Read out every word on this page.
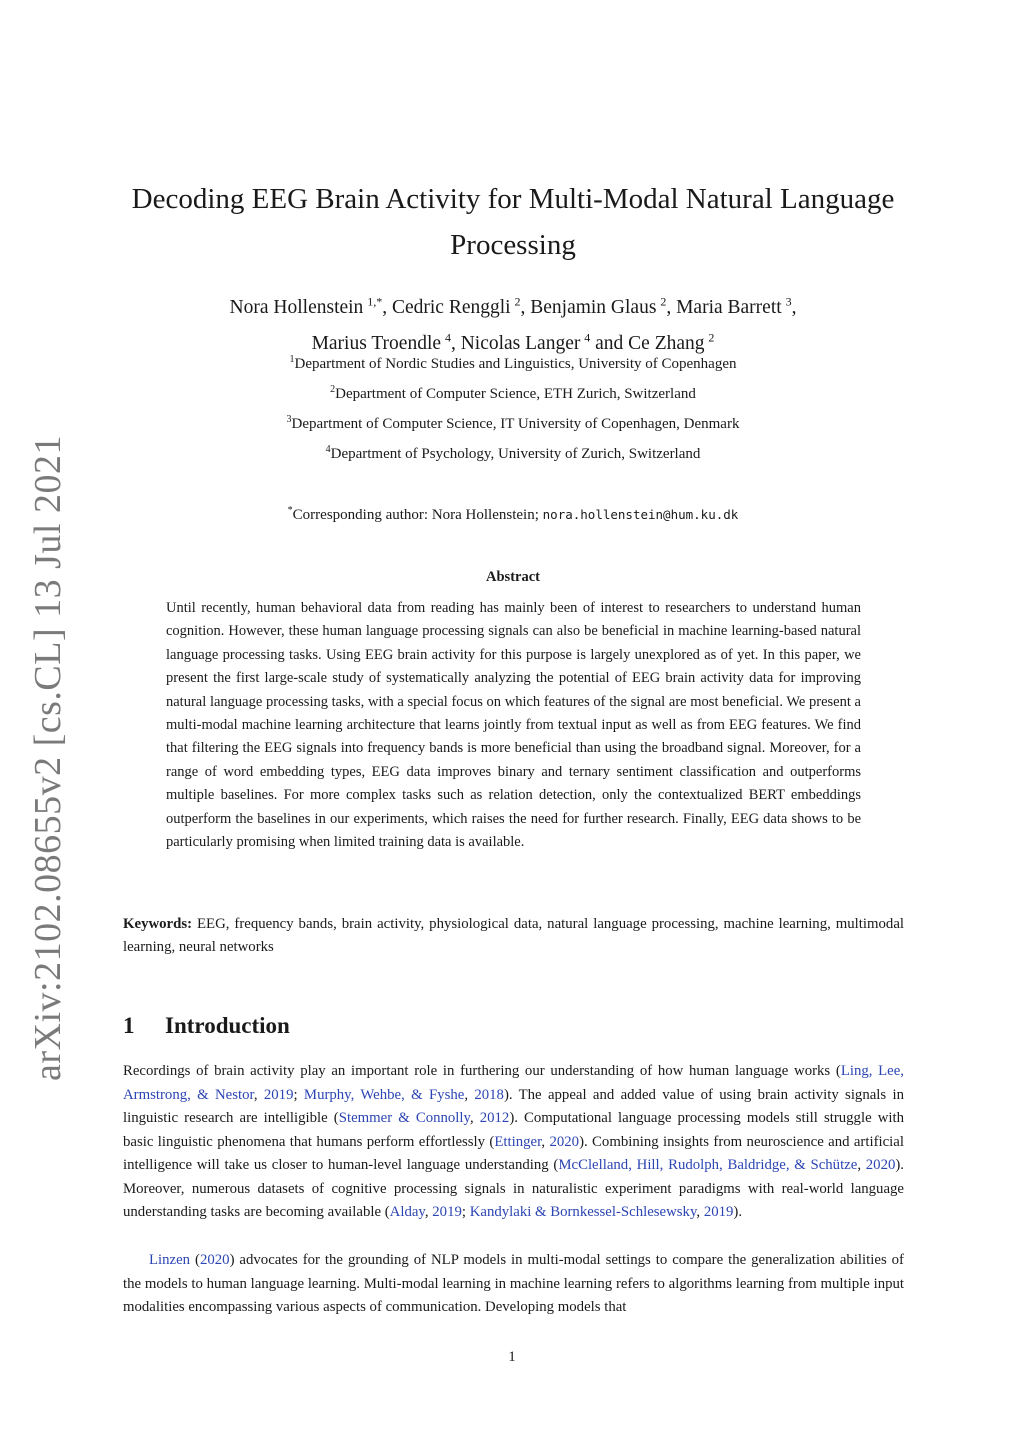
arXiv:2102.08655v2 [cs.CL] 13 Jul 2021
Decoding EEG Brain Activity for Multi-Modal Natural Language Processing
Nora Hollenstein $^{1,*}$, Cedric Renggli $^2$, Benjamin Glaus $^2$, Maria Barrett $^3$,
Marius Troendle $^4$, Nicolas Langer $^4$ and Ce Zhang $^2$
$^1$Department of Nordic Studies and Linguistics, University of Copenhagen
$^2$Department of Computer Science, ETH Zurich, Switzerland
$^3$Department of Computer Science, IT University of Copenhagen, Denmark
$^4$Department of Psychology, University of Zurich, Switzerland
*Corresponding author: Nora Hollenstein; nora.hollenstein@hum.ku.dk
Abstract
Until recently, human behavioral data from reading has mainly been of interest to researchers to understand human cognition. However, these human language processing signals can also be beneficial in machine learning-based natural language processing tasks. Using EEG brain activity for this purpose is largely unexplored as of yet. In this paper, we present the first large-scale study of systematically analyzing the potential of EEG brain activity data for improving natural language processing tasks, with a special focus on which features of the signal are most beneficial. We present a multi-modal machine learning architecture that learns jointly from textual input as well as from EEG features. We find that filtering the EEG signals into frequency bands is more beneficial than using the broadband signal. Moreover, for a range of word embedding types, EEG data improves binary and ternary sentiment classification and outperforms multiple baselines. For more complex tasks such as relation detection, only the contextualized BERT embeddings outperform the baselines in our experiments, which raises the need for further research. Finally, EEG data shows to be particularly promising when limited training data is available.
Keywords: EEG, frequency bands, brain activity, physiological data, natural language processing, machine learning, multimodal learning, neural networks
1 Introduction
Recordings of brain activity play an important role in furthering our understanding of how human language works (Ling, Lee, Armstrong, & Nestor, 2019; Murphy, Wehbe, & Fyshe, 2018). The appeal and added value of using brain activity signals in linguistic research are intelligible (Stemmer & Connolly, 2012). Computational language processing models still struggle with basic linguistic phenomena that humans perform effortlessly (Ettinger, 2020). Combining insights from neuroscience and artificial intelligence will take us closer to human-level language understanding (McClelland, Hill, Rudolph, Baldridge, & Schütze, 2020). Moreover, numerous datasets of cognitive processing signals in naturalistic experiment paradigms with real-world language understanding tasks are becoming available (Alday, 2019; Kandylaki & Bornkessel-Schlesewsky, 2019).
Linzen (2020) advocates for the grounding of NLP models in multi-modal settings to compare the generalization abilities of the models to human language learning. Multi-modal learning in machine learning refers to algorithms learning from multiple input modalities encompassing various aspects of communication. Developing models that
1
